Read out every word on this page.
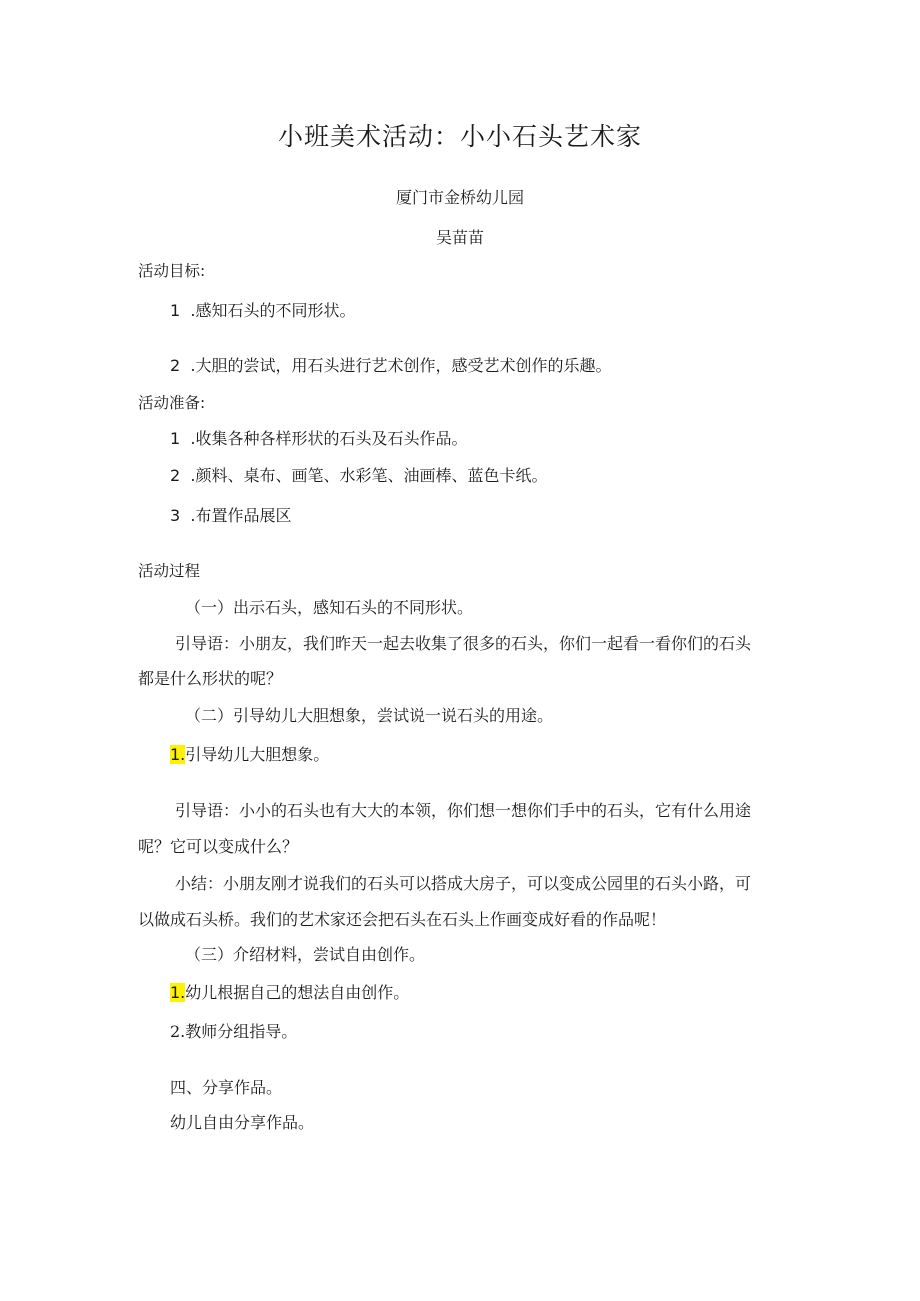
小班美术活动：小小石头艺术家
厦门市金桥幼儿园
吴苗苗
活动目标:
1 .感知石头的不同形状。
2 .大胆的尝试，用石头进行艺术创作，感受艺术创作的乐趣。
活动准备:
1 .收集各种各样形状的石头及石头作品。
2 .颜料、桌布、画笔、水彩笔、油画棒、蓝色卡纸。
3 .布置作品展区
活动过程
（一）出示石头，感知石头的不同形状。
引导语：小朋友，我们昨天一起去收集了很多的石头，你们一起看一看你们的石头
都是什么形状的呢？
（二）引导幼儿大胆想象，尝试说一说石头的用途。
1.引导幼儿大胆想象。
引导语：小小的石头也有大大的本领，你们想一想你们手中的石头，它有什么用途
呢？它可以变成什么？
小结：小朋友刚才说我们的石头可以搭成大房子，可以变成公园里的石头小路，可
以做成石头桥。我们的艺术家还会把石头在石头上作画变成好看的作品呢！
（三）介绍材料，尝试自由创作。
1.幼儿根据自己的想法自由创作。
2.教师分组指导。
四、分享作品。
幼儿自由分享作品。
